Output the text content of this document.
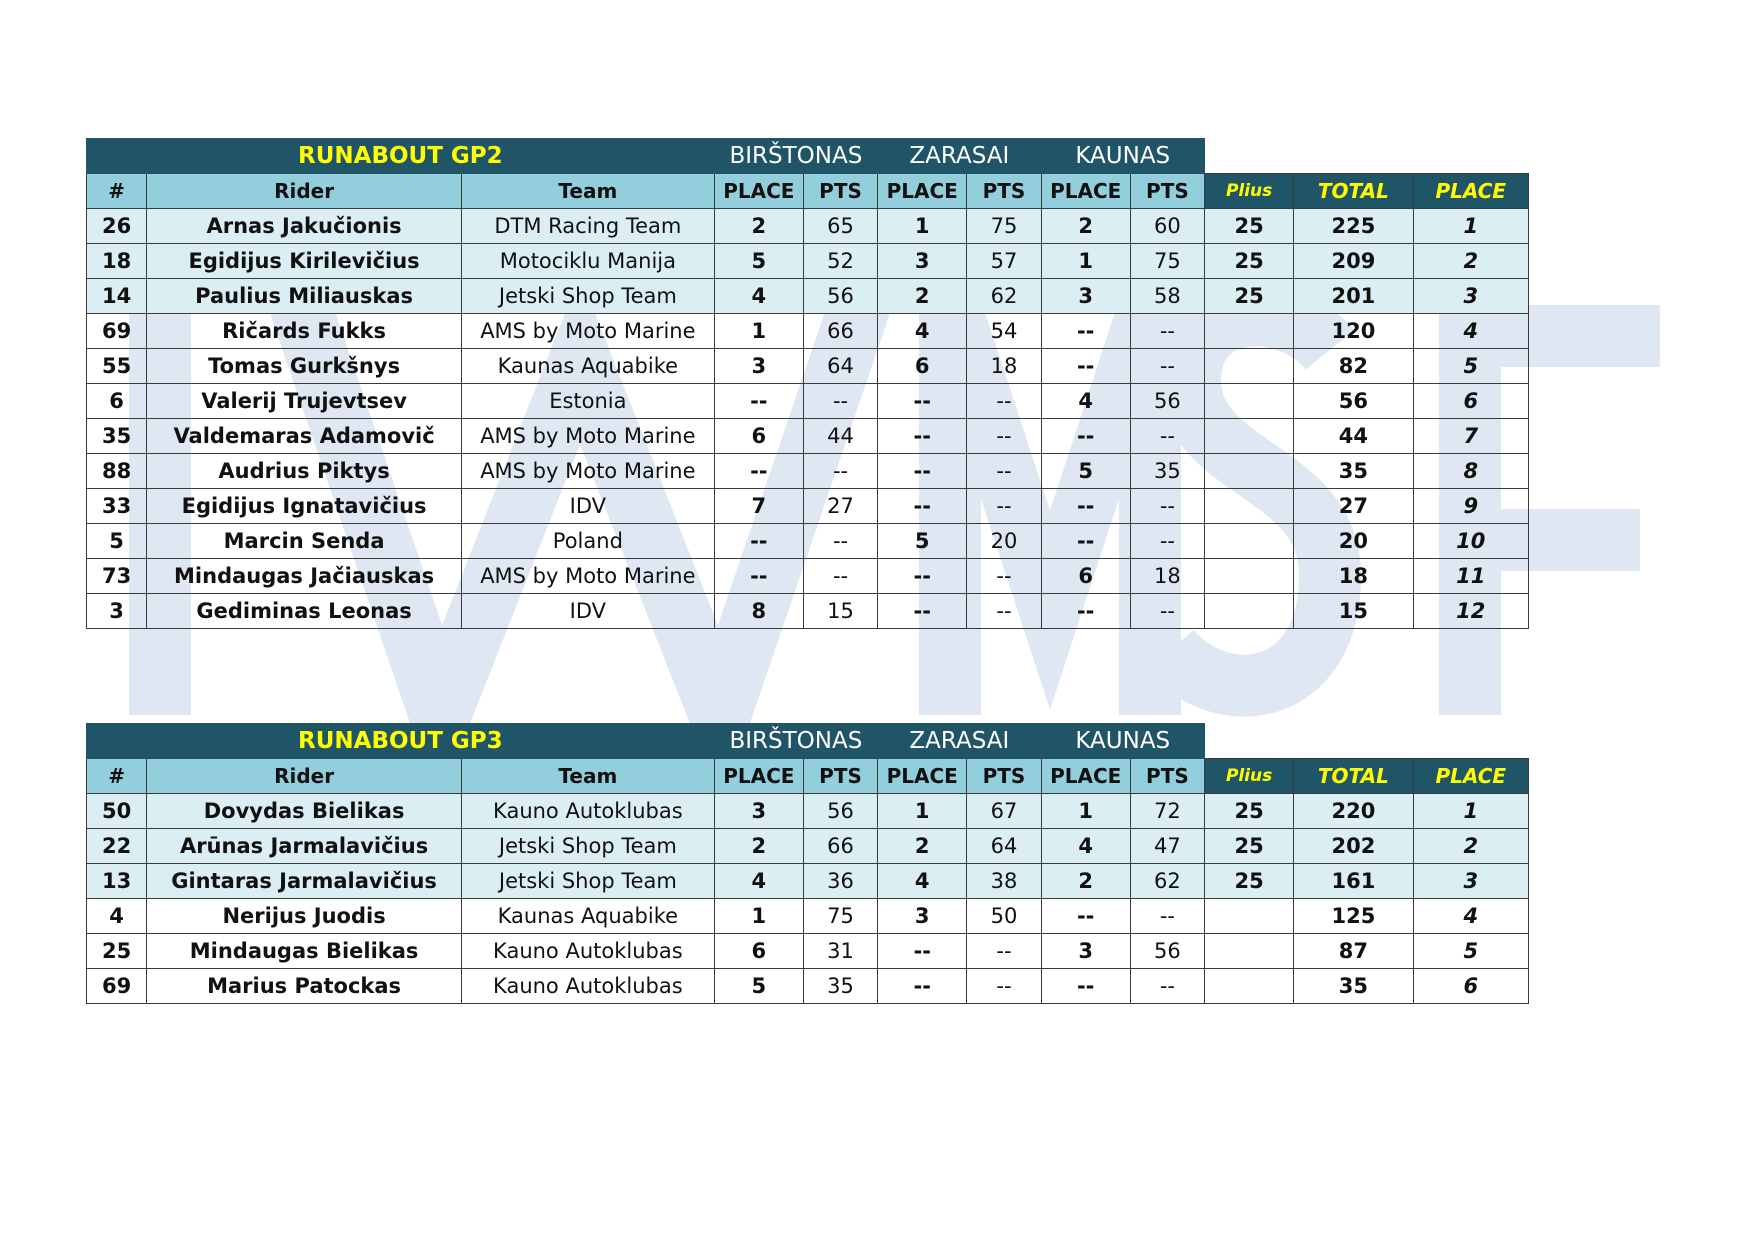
RUNABOUT GP2			BIRŠTONAS		ZARASAI		KAUNAS				
#	Rider	Team	PLACE	PTS	PLACE	PTS	PLACE	PTS	Plius	TOTAL	PLACE
26	Arnas Jakučionis	DTM Racing Team	2	65	1	75	2	60	25	225	1
18	Egidijus Kirilevičius	Motociklu Manija	5	52	3	57	1	75	25	209	2
14	Paulius Miliauskas	Jetski Shop Team	4	56	2	62	3	58	25	201	3
69	Ričards Fukks	AMS by Moto Marine	1	66	4	54	--	--		120	4
55	Tomas Gurkšnys	Kaunas Aquabike	3	64	6	18	--	--		82	5
6	Valerij Trujevtsev	Estonia	--	--	--	--	4	56		56	6
35	Valdemaras Adamovič	AMS by Moto Marine	6	44	--	--	--	--		44	7
88	Audrius Piktys	AMS by Moto Marine	--	--	--	--	5	35		35	8
33	Egidijus Ignatavičius	IDV	7	27	--	--	--	--		27	9
5	Marcin Senda	Poland	--	--	5	20	--	--		20	10
73	Mindaugas Jačiauskas	AMS by Moto Marine	--	--	--	--	6	18		18	11
3	Gediminas Leonas	IDV	8	15	--	--	--	--		15	12
RUNABOUT GP3			BIRŠTONAS		ZARASAI		KAUNAS				
#	Rider	Team	PLACE	PTS	PLACE	PTS	PLACE	PTS	Plius	TOTAL	PLACE
50	Dovydas Bielikas	Kauno Autoklubas	3	56	1	67	1	72	25	220	1
22	Arūnas Jarmalavičius	Jetski Shop Team	2	66	2	64	4	47	25	202	2
13	Gintaras Jarmalavičius	Jetski Shop Team	4	36	4	38	2	62	25	161	3
4	Nerijus Juodis	Kaunas Aquabike	1	75	3	50	--	--		125	4
25	Mindaugas Bielikas	Kauno Autoklubas	6	31	--	--	3	56		87	5
69	Marius Patockas	Kauno Autoklubas	5	35	--	--	--	--		35	6
